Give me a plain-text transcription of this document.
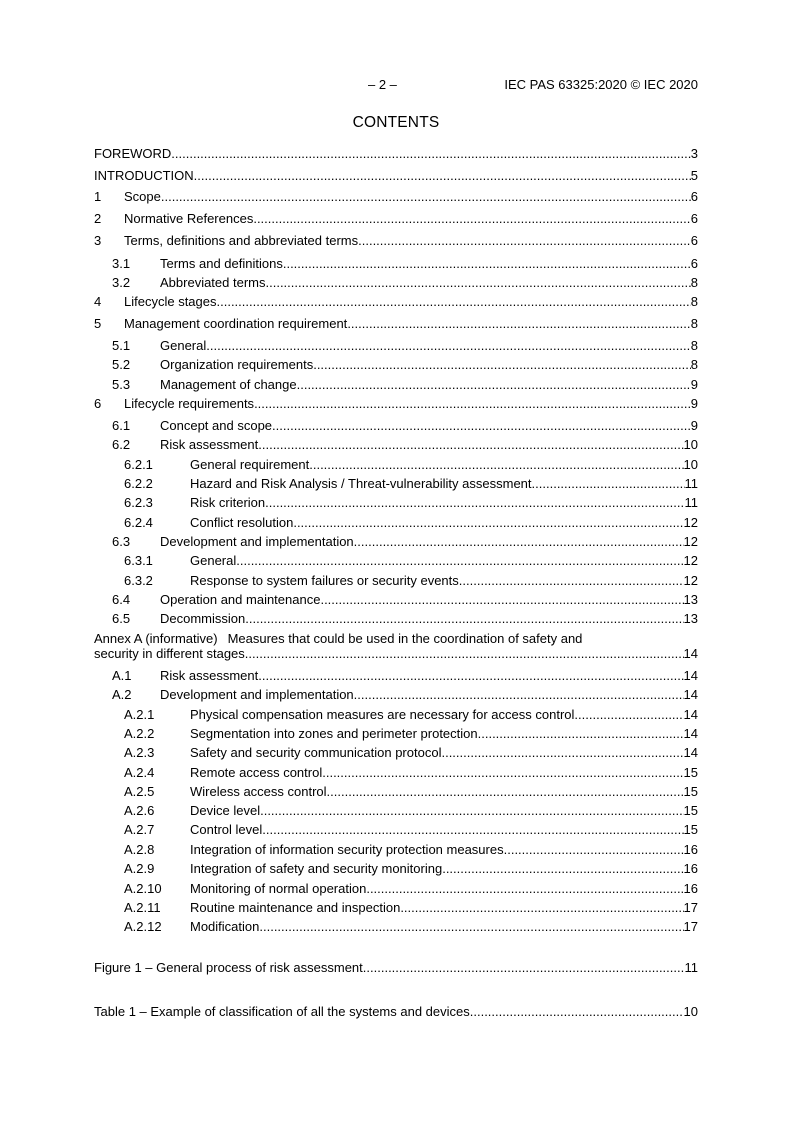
– 2 –	IEC PAS 63325:2020 © IEC 2020
CONTENTS
FOREWORD .....	3
INTRODUCTION .....	5
1	Scope .....	6
2	Normative References .....	6
3	Terms, definitions and abbreviated terms .....	6
3.1	Terms and definitions .....	6
3.2	Abbreviated terms .....	8
4	Lifecycle stages .....	8
5	Management coordination requirement .....	8
5.1	General .....	8
5.2	Organization requirements .....	8
5.3	Management of change .....	9
6	Lifecycle requirements .....	9
6.1	Concept and scope .....	9
6.2	Risk assessment .....	10
6.2.1	General requirement .....	10
6.2.2	Hazard and Risk Analysis / Threat-vulnerability assessment .....	11
6.2.3	Risk criterion .....	11
6.2.4	Conflict resolution .....	12
6.3	Development and implementation .....	12
6.3.1	General .....	12
6.3.2	Response to system failures or security events .....	12
6.4	Operation and maintenance .....	13
6.5	Decommission .....	13
Annex A (informative) Measures that could be used in the coordination of safety and
security in different stages .....	14
A.1	Risk assessment .....	14
A.2	Development and implementation .....	14
A.2.1	Physical compensation measures are necessary for access control .....	14
A.2.2	Segmentation into zones and perimeter protection .....	14
A.2.3	Safety and security communication protocol .....	14
A.2.4	Remote access control .....	15
A.2.5	Wireless access control .....	15
A.2.6	Device level .....	15
A.2.7	Control level .....	15
A.2.8	Integration of information security protection measures .....	16
A.2.9	Integration of safety and security monitoring .....	16
A.2.10	Monitoring of normal operation .....	16
A.2.11	Routine maintenance and inspection .....	17
A.2.12	Modification .....	17
Figure 1 – General process of risk assessment .....	11
Table 1 – Example of classification of all the systems and devices .....	10
